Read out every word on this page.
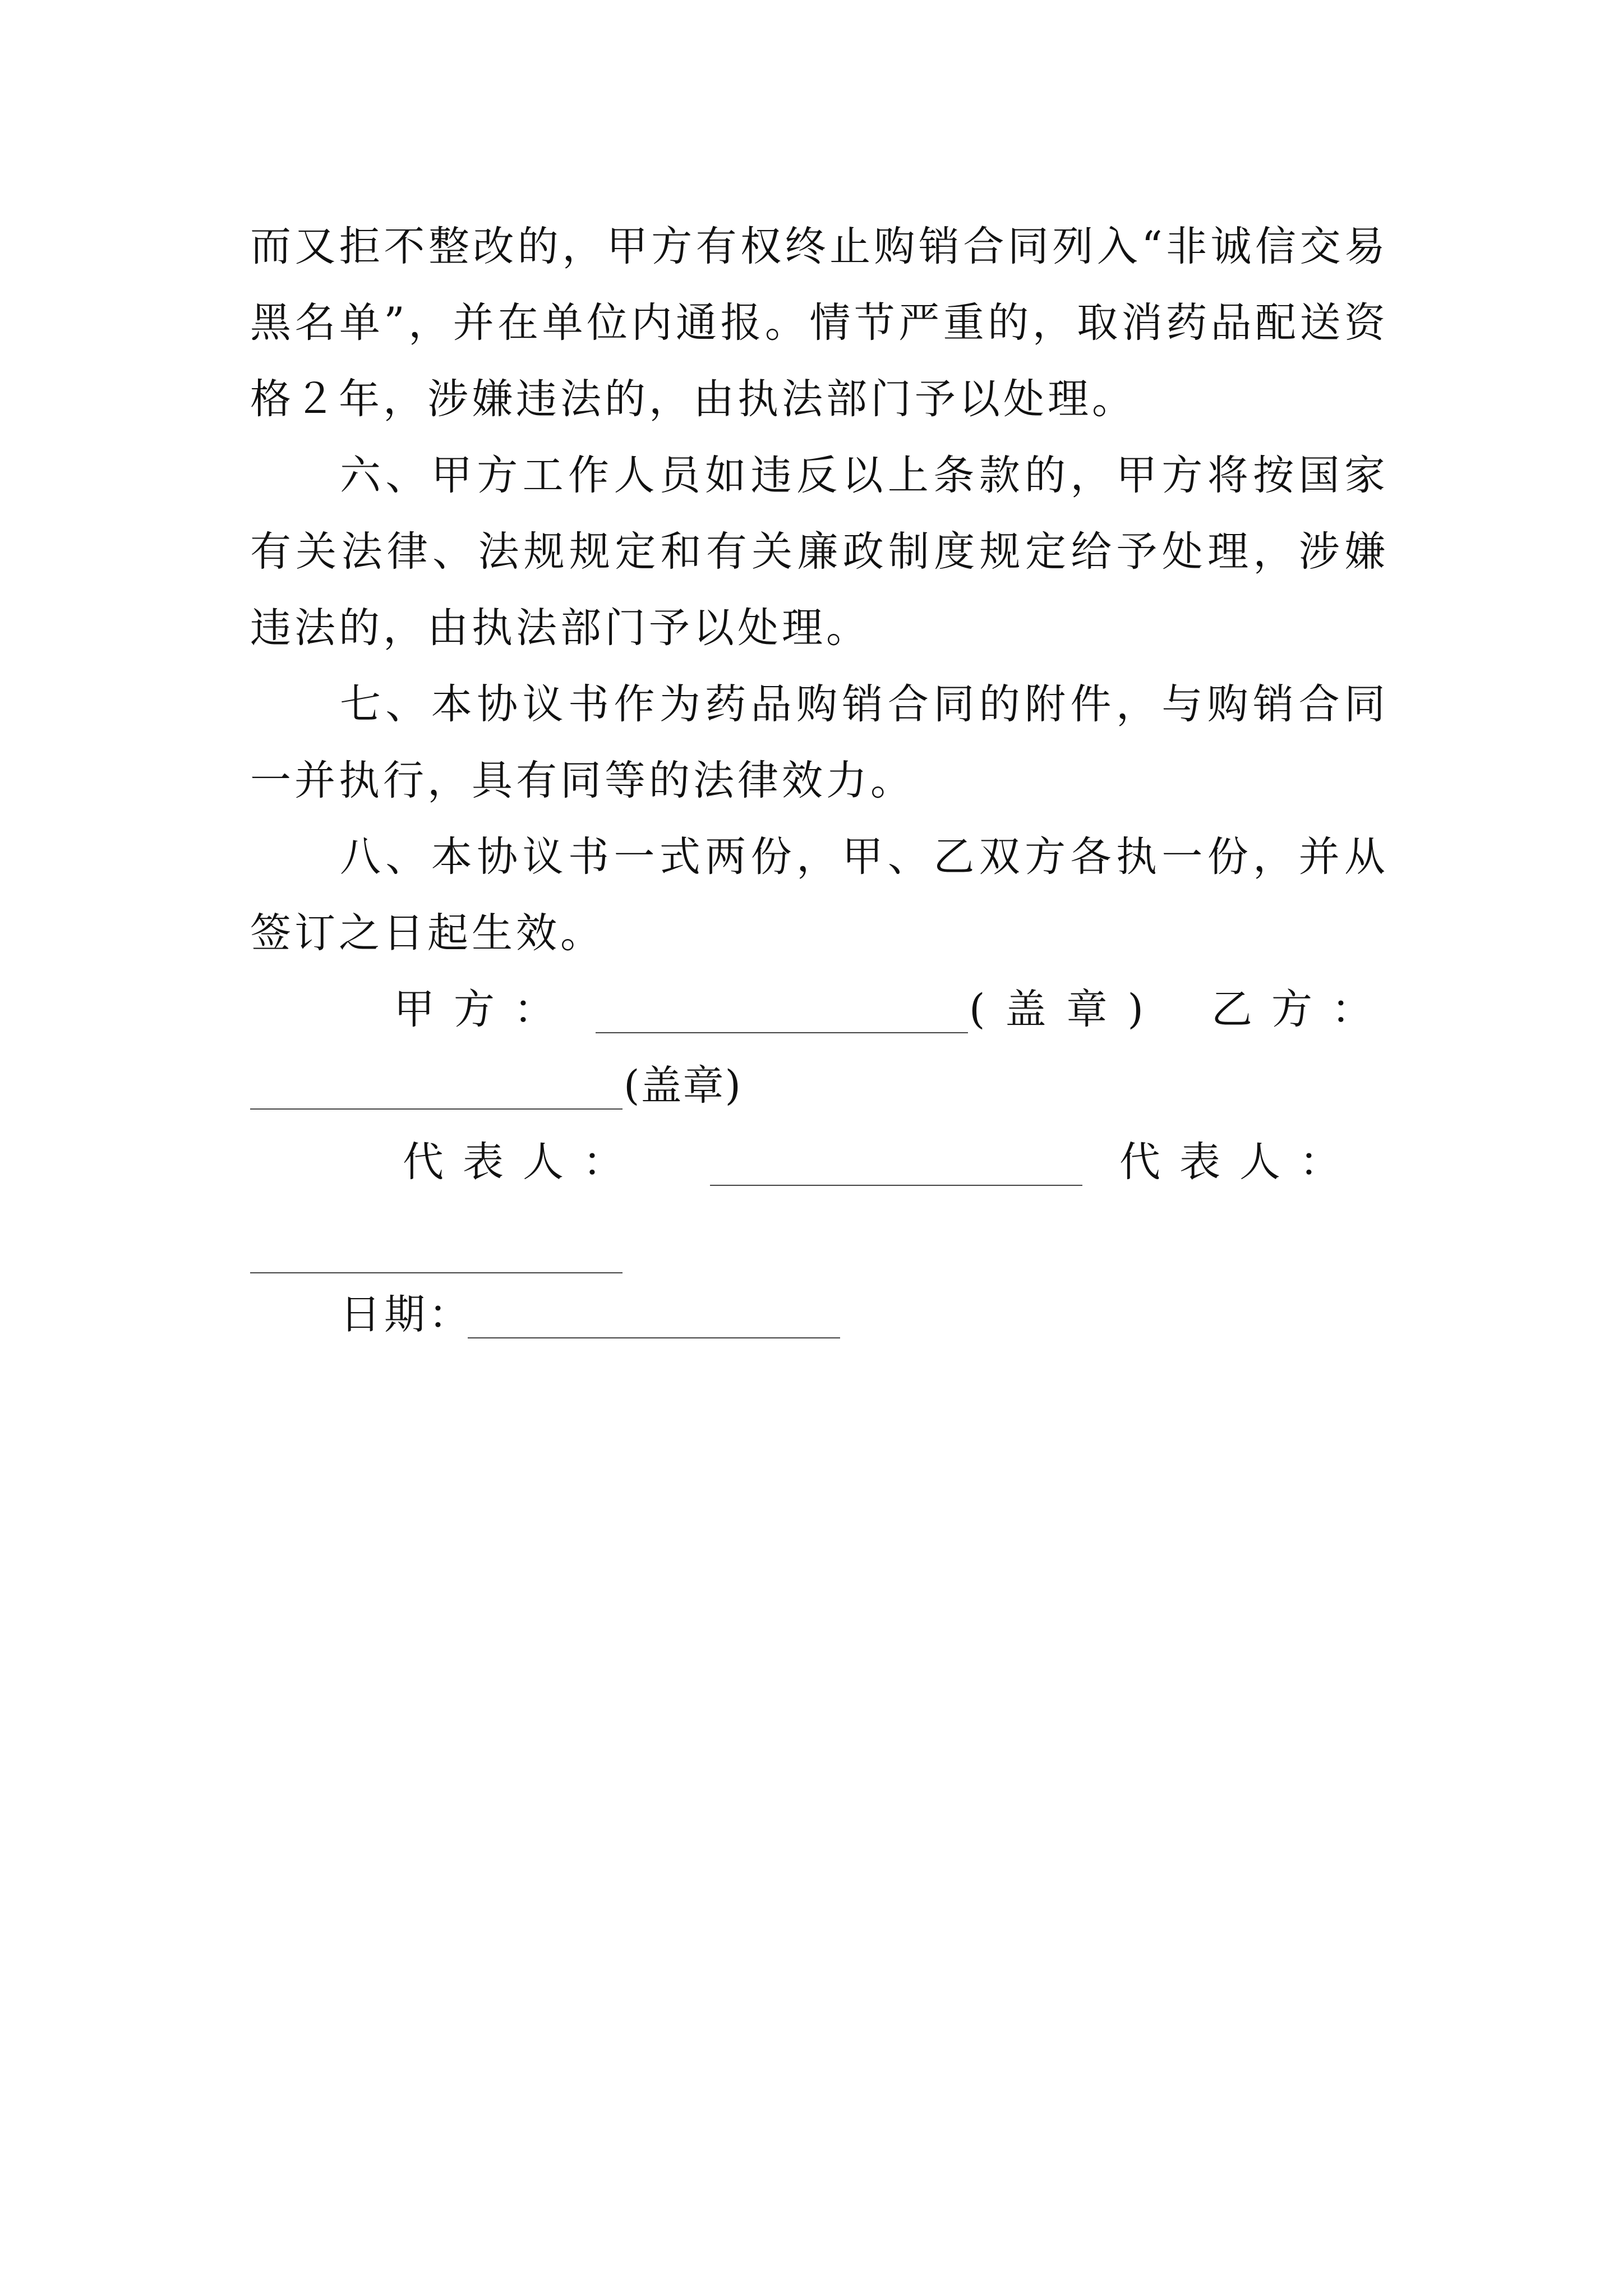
而又拒不整改的，甲方有权终止购销合同列入“非诚信交易黑名单”，并在单位内通报。情节严重的，取消药品配送资格２年，涉嫌违法的，由执法部门予以处理。

六、甲方工作人员如违反以上条款的，甲方将按国家有关法律、法规规定和有关廉政制度规定给予处理，涉嫌违法的，由执法部门予以处理。

七、本协议书作为药品购销合同的附件，与购销合同一并执行，具有同等的法律效力。

八、本协议书一式两份，甲、乙双方各执一份，并从签订之日起生效。

甲方：	(盖章) 乙方：
(盖章)
代表人：	代表人：
日期：
